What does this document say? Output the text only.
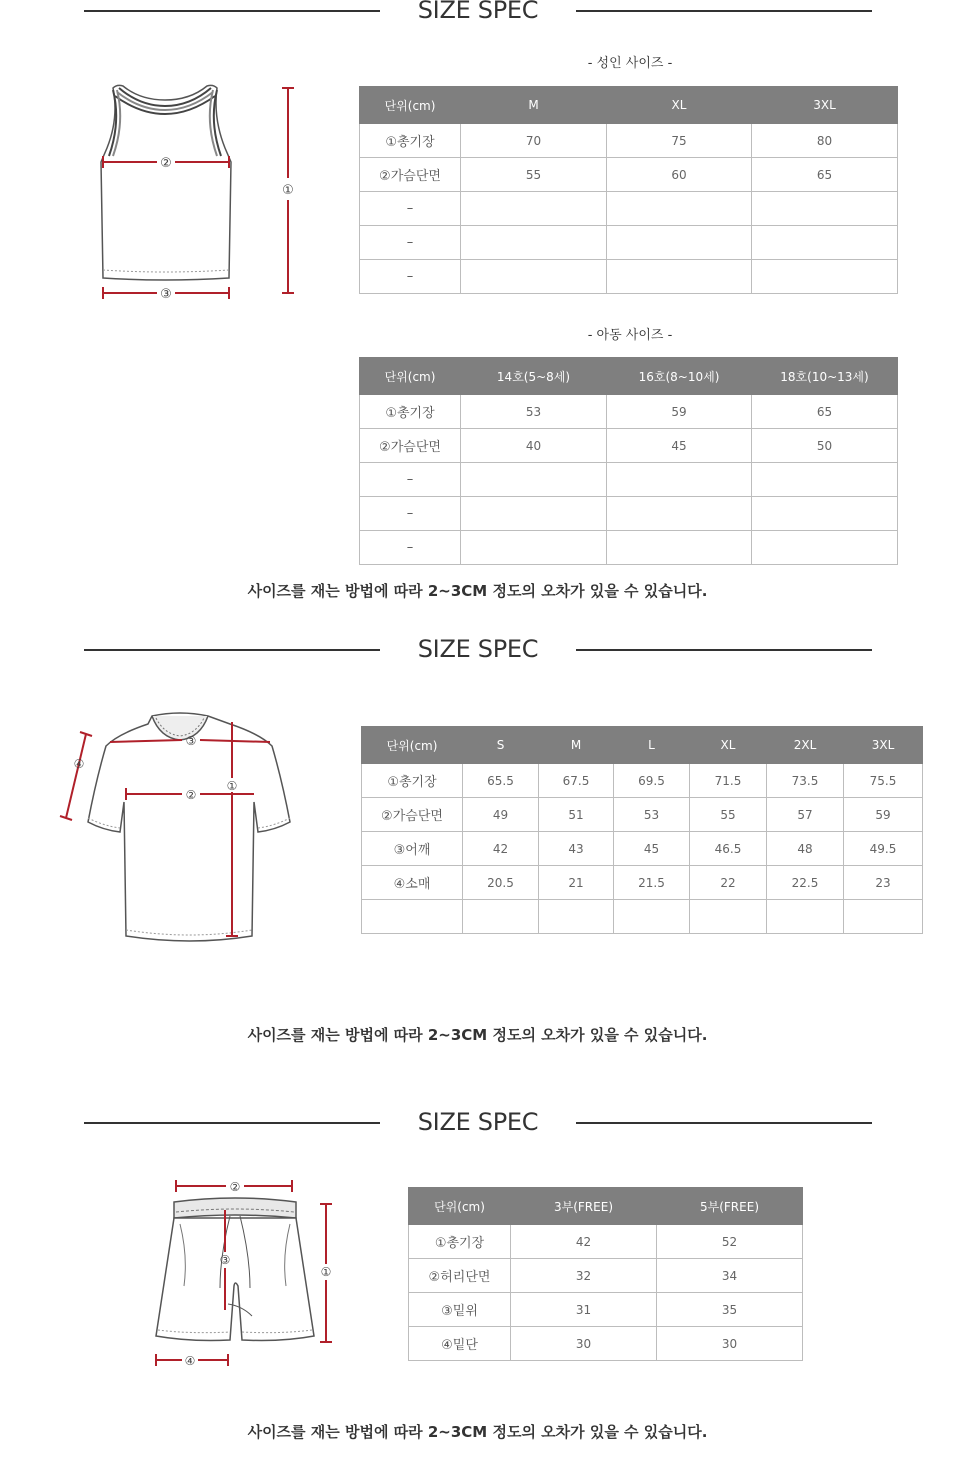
SIZE SPEC
②
③
①
- 성인 사이즈 -
단위(cm)	M	XL	3XL
①총기장	70	75	80
②가슴단면	55	60	65
–			
–			
–			
- 아동 사이즈 -
단위(cm)	14호(5~8세)	16호(8~10세)	18호(10~13세)
①총기장	53	59	65
②가슴단면	40	45	50
–			
–			
–			
사이즈를 재는 방법에 따라 2~3CM 정도의 오차가 있을 수 있습니다.
SIZE SPEC
③
②
①
④
단위(cm)	S	M	L	XL	2XL	3XL
①총기장	65.5	67.5	69.5	71.5	73.5	75.5
②가슴단면	49	51	53	55	57	59
③어깨	42	43	45	46.5	48	49.5
④소매	20.5	21	21.5	22	22.5	23

사이즈를 재는 방법에 따라 2~3CM 정도의 오차가 있을 수 있습니다.
SIZE SPEC
②
③
①
④
단위(cm)	3부(FREE)	5부(FREE)
①총기장	42	52
②허리단면	32	34
③밑위	31	35
④밑단	30	30
사이즈를 재는 방법에 따라 2~3CM 정도의 오차가 있을 수 있습니다.
